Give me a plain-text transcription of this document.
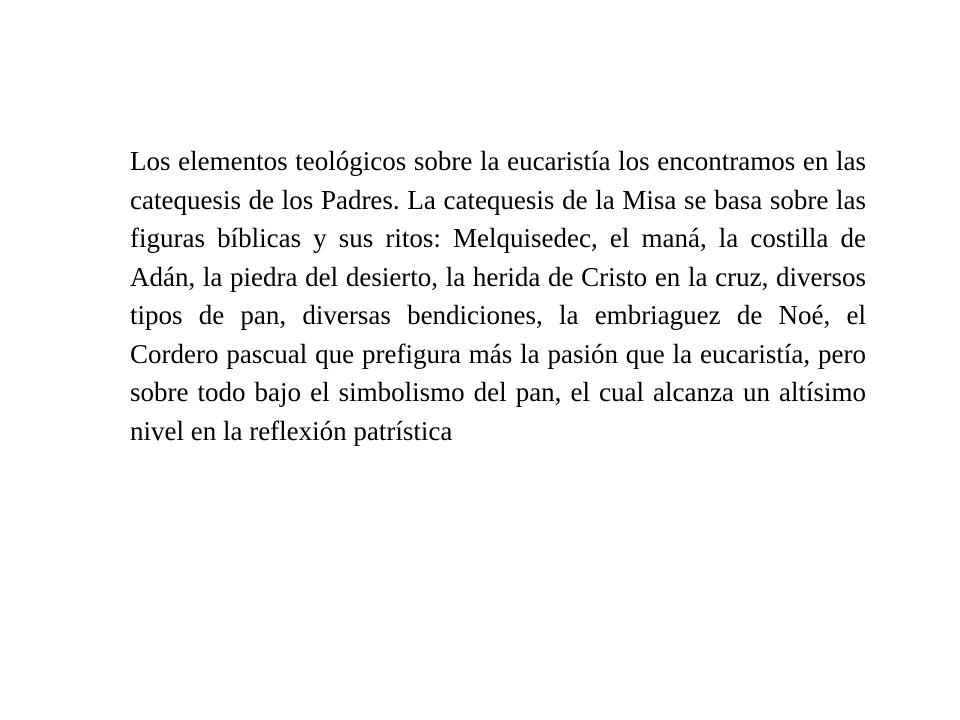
Los elementos teológicos sobre la eucaristía los encontramos en las catequesis de los Padres. La catequesis de la Misa se basa sobre las figuras bíblicas y sus ritos: Melquisedec, el maná, la costilla de Adán, la piedra del desierto, la herida de Cristo en la cruz, diversos tipos de pan, diversas bendiciones, la embriaguez de Noé, el Cordero pascual que prefigura más la pasión que la eucaristía, pero sobre todo bajo el simbolismo del pan, el cual alcanza un altísimo nivel en la reflexión patrística
